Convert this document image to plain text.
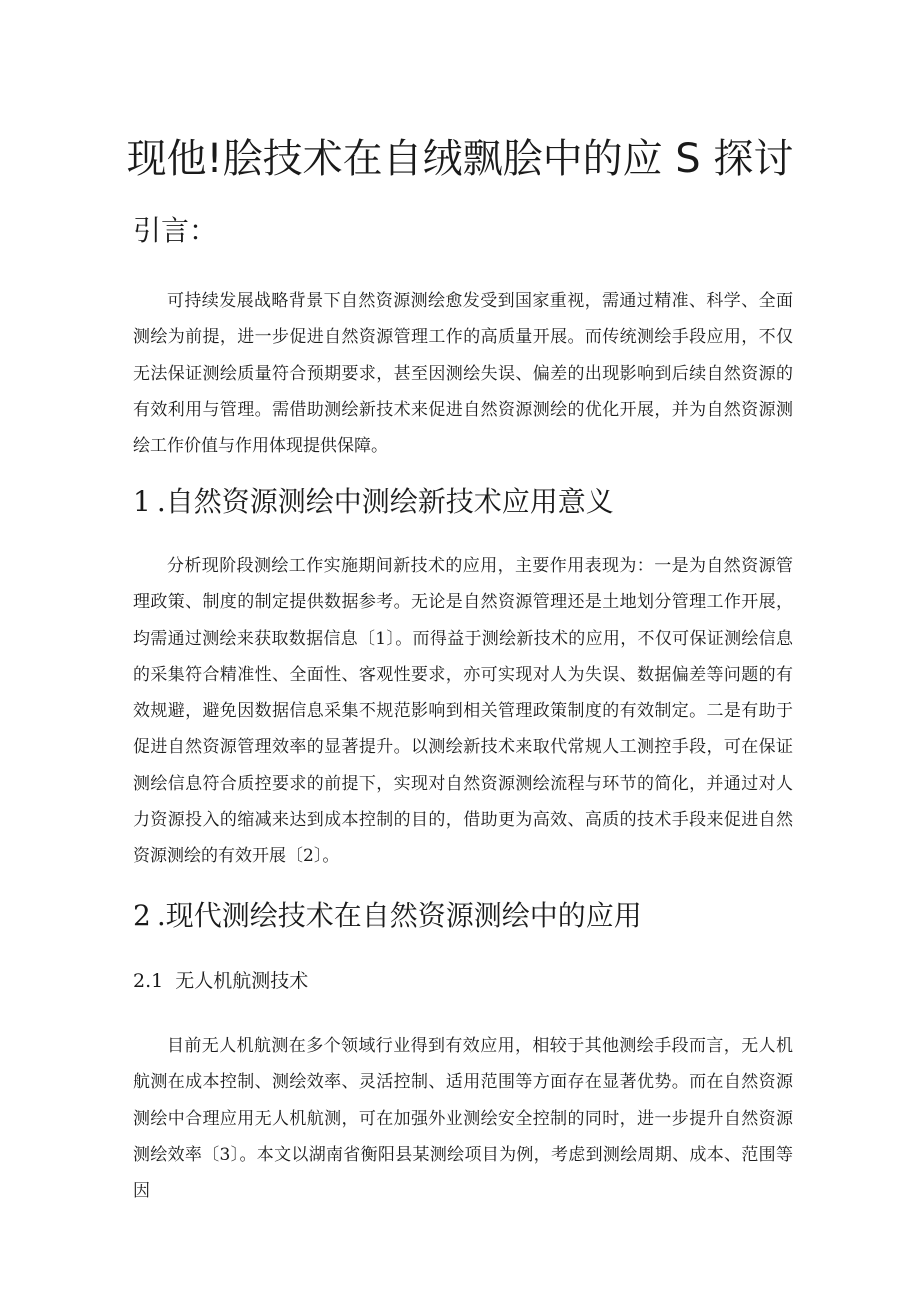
现他!脍技术在自绒飘脍中的应 S 探讨
引言：

可持续发展战略背景下自然资源测绘愈发受到国家重视，需通过精准、科学、全面测绘为前提，进一步促进自然资源管理工作的高质量开展。而传统测绘手段应用，不仅无法保证测绘质量符合预期要求，甚至因测绘失误、偏差的出现影响到后续自然资源的有效利用与管理。需借助测绘新技术来促进自然资源测绘的优化开展，并为自然资源测绘工作价值与作用体现提供保障。

1 .自然资源测绘中测绘新技术应用意义

分析现阶段测绘工作实施期间新技术的应用，主要作用表现为：一是为自然资源管理政策、制度的制定提供数据参考。无论是自然资源管理还是土地划分管理工作开展，均需通过测绘来获取数据信息〔1〕。而得益于测绘新技术的应用，不仅可保证测绘信息的采集符合精准性、全面性、客观性要求，亦可实现对人为失误、数据偏差等问题的有效规避，避免因数据信息采集不规范影响到相关管理政策制度的有效制定。二是有助于促进自然资源管理效率的显著提升。以测绘新技术来取代常规人工测控手段，可在保证测绘信息符合质控要求的前提下，实现对自然资源测绘流程与环节的简化，并通过对人力资源投入的缩减来达到成本控制的目的，借助更为高效、高质的技术手段来促进自然资源测绘的有效开展〔2〕。

2 .现代测绘技术在自然资源测绘中的应用
2.1 无人机航测技术

目前无人机航测在多个领域行业得到有效应用，相较于其他测绘手段而言，无人机航测在成本控制、测绘效率、灵活控制、适用范围等方面存在显著优势。而在自然资源测绘中合理应用无人机航测，可在加强外业测绘安全控制的同时，进一步提升自然资源测绘效率〔3〕。本文以湖南省衡阳县某测绘项目为例，考虑到测绘周期、成本、范围等因
